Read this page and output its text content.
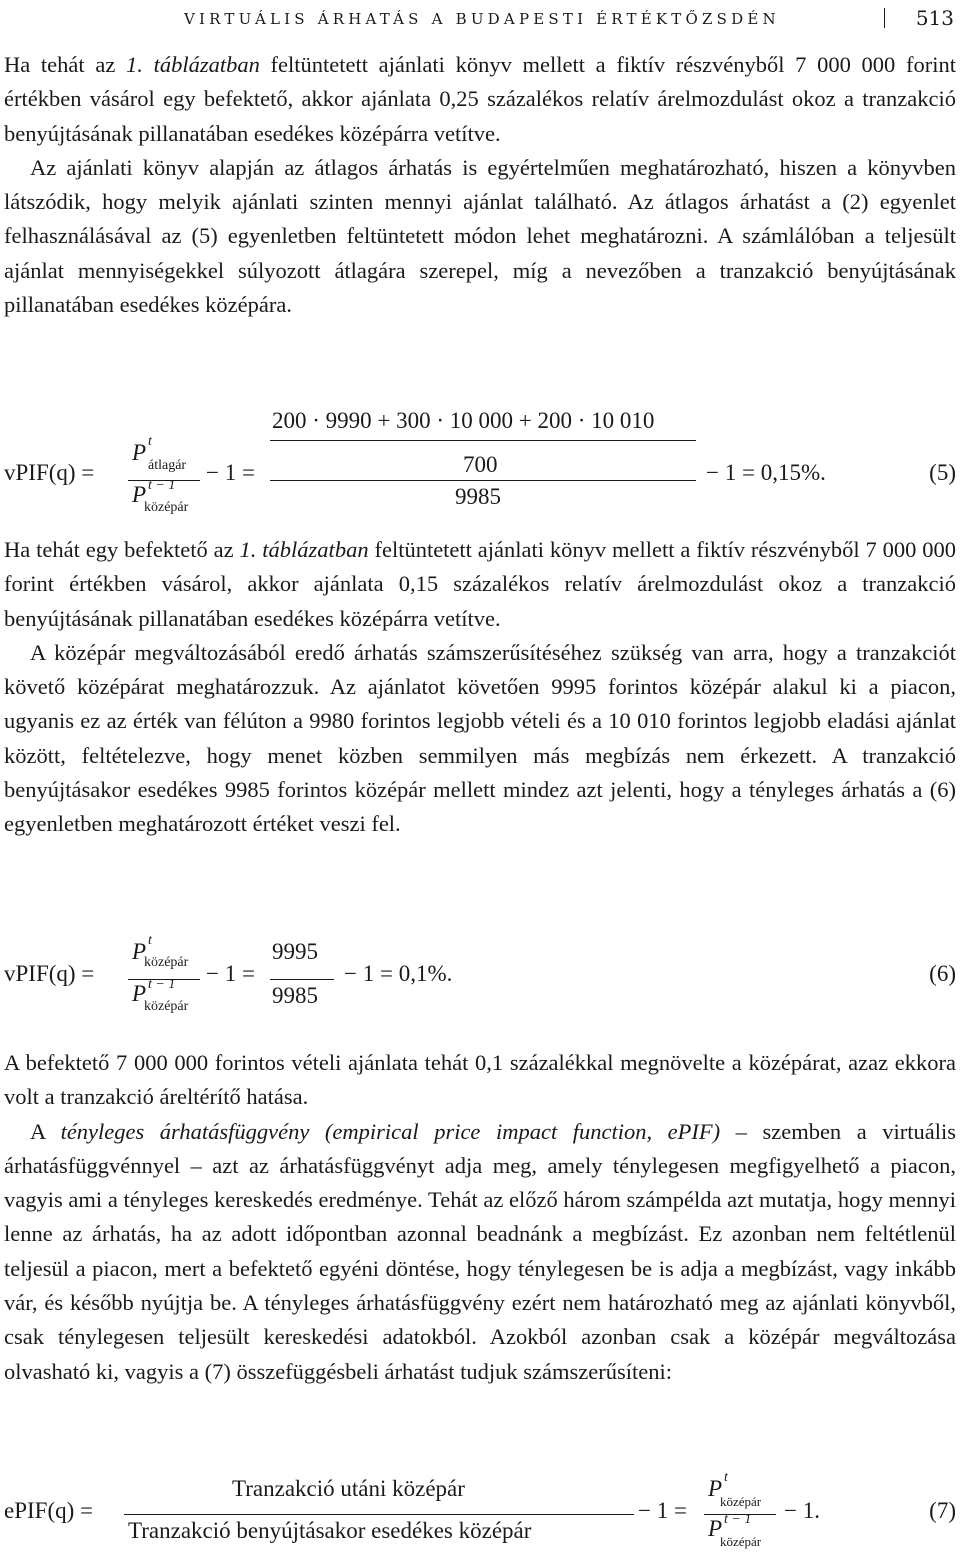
VIRTUÁLIS ÁRHATÁS A BUDAPESTI ÉRTÉKTŐZSDÉN	513

Ha tehát az 1. táblázatban feltüntetett ajánlati könyv mellett a fiktív részvényből 7 000 000 forint értékben vásárol egy befektető, akkor ajánlata 0,25 százalékos relatív árelmozdulást okoz a tranzakció benyújtásának pillanatában esedékes középárra vetítve.

Az ajánlati könyv alapján az átlagos árhatás is egyértelműen meghatározható, hiszen a könyvben látszódik, hogy melyik ajánlati szinten mennyi ajánlat található. Az átlagos árhatást a (2) egyenlet felhasználásával az (5) egyenletben feltüntetett módon lehet meghatározni. A számlálóban a teljesült ajánlat mennyiségekkel súlyozott átlagára szerepel, míg a nevezőben a tranzakció benyújtásának pillanatában esedékes középára.

vPIF(q) =
P t
átlagár
P t − 1
középár
− 1 =
200 · 9990 + 300 · 10 000 + 200 · 10 010
700
9985
− 1 = 0,15%.	(5)

Ha tehát egy befektető az 1. táblázatban feltüntetett ajánlati könyv mellett a fiktív részvényből 7 000 000 forint értékben vásárol, akkor ajánlata 0,15 százalékos relatív árelmozdulást okoz a tranzakció benyújtásának pillanatában esedékes középárra vetítve.

A középár megváltozásából eredő árhatás számszerűsítéséhez szükség van arra, hogy a tranzakciót követő középárat meghatározzuk. Az ajánlatot követően 9995 forintos középár alakul ki a piacon, ugyanis ez az érték van félúton a 9980 forintos legjobb vételi és a 10 010 forintos legjobb eladási ajánlat között, feltételezve, hogy menet közben semmilyen más megbízás nem érkezett. A tranzakció benyújtásakor esedékes 9985 forintos középár mellett mindez azt jelenti, hogy a tényleges árhatás a (6) egyenletben meghatározott értéket veszi fel.

vPIF(q) =
P t
középár
P t − 1
középár
− 1 =
9995
9985
− 1 = 0,1%.	(6)

A befektető 7 000 000 forintos vételi ajánlata tehát 0,1 százalékkal megnövelte a középárat, azaz ekkora volt a tranzakció áreltérítő hatása.

A tényleges árhatásfüggvény (empirical price impact function, ePIF) – szemben a virtuális árhatásfüggvénnyel – azt az árhatásfüggvényt adja meg, amely ténylegesen megfigyelhető a piacon, vagyis ami a tényleges kereskedés eredménye. Tehát az előző három számpélda azt mutatja, hogy mennyi lenne az árhatás, ha az adott időpontban azonnal beadnánk a megbízást. Ez azonban nem feltétlenül teljesül a piacon, mert a befektető egyéni döntése, hogy ténylegesen be is adja a megbízást, vagy inkább vár, és később nyújtja be. A tényleges árhatásfüggvény ezért nem határozható meg az ajánlati könyvből, csak ténylegesen teljesült kereskedési adatokból. Azokból azonban csak a középár megváltozása olvasható ki, vagyis a (7) összefüggésbeli árhatást tudjuk számszerűsíteni:

ePIF(q) =
Tranzakció utáni középár
Tranzakció benyújtásakor esedékes középár
− 1 =
P t
középár
P t − 1
középár
− 1.	(7)
